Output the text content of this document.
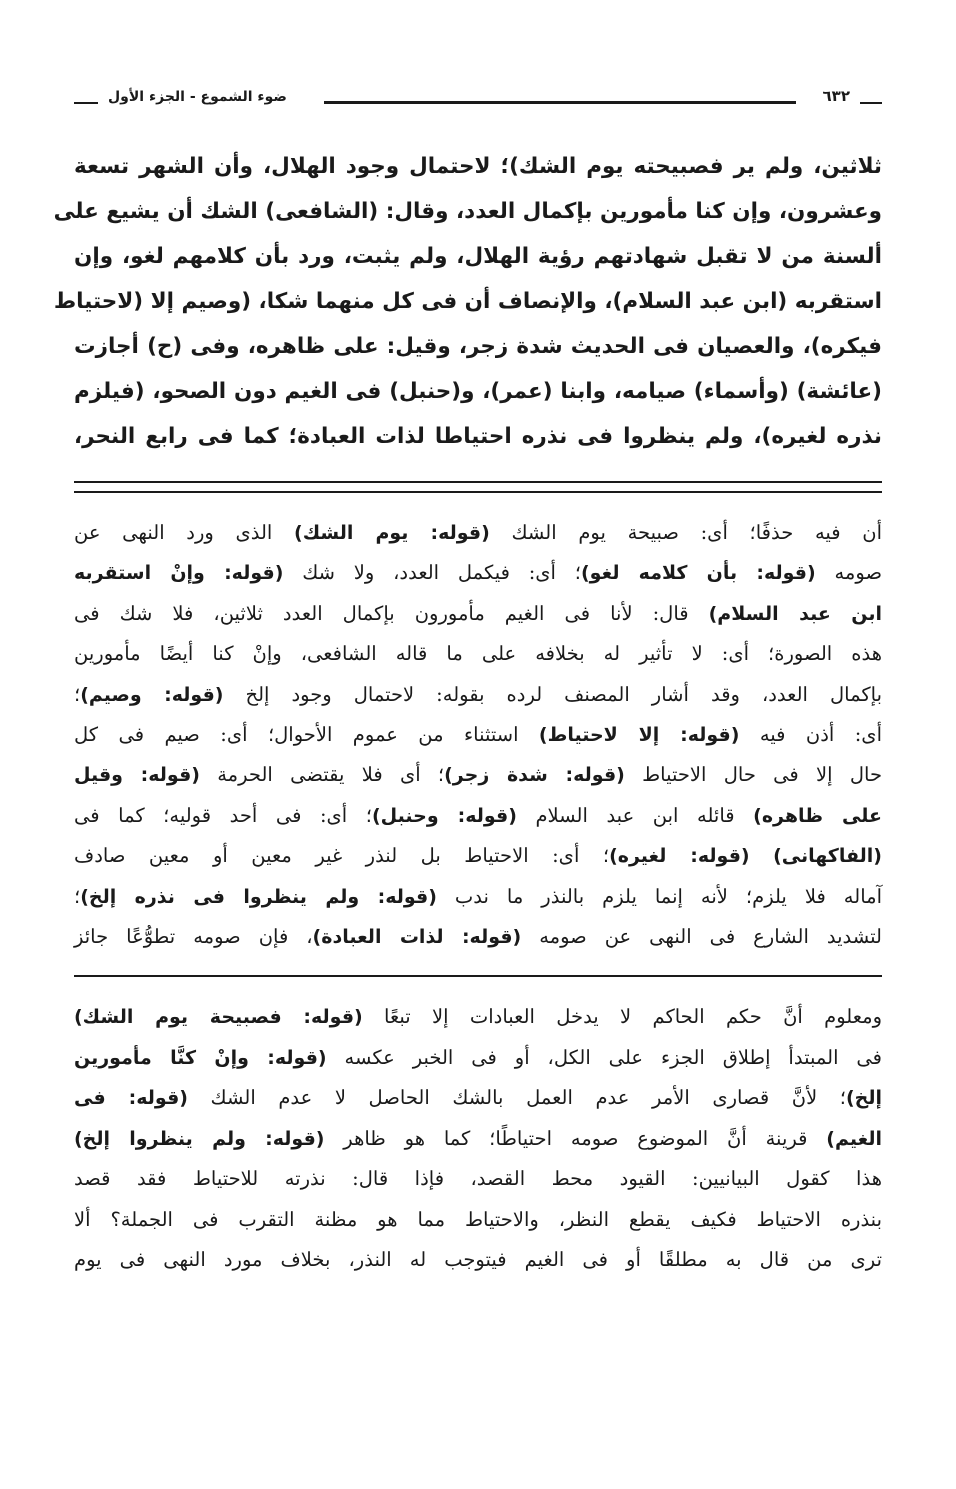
٦٣٢
ضوء الشموع - الجزء الأول

ثلاثين، ولم ير فصبيحته يوم الشك)؛ لاحتمال وجود الهلال، وأن الشهر تسعة

وعشرون، وإن كنا مأمورين بإكمال العدد، وقال: (الشافعى) الشك أن يشيع على

ألسنة من لا تقبل شهادتهم رؤية الهلال، ولم يثبت، ورد بأن كلامهم لغو، وإن

استقربه (ابن عبد السلام)، والإنصاف أن فى كل منهما شكا، (وصيم إلا (لاحتياط

فيكره)، والعصيان فى الحديث شدة زجر، وقيل: على ظاهره، وفى (ح) أجازت

(عائشة) (وأسماء) صيامه، وابنا (عمر)، و(حنبل) فى الغيم دون الصحو، (فيلزم

نذره لغيره)، ولم ينظروا فى نذره احتياطا لذات العبادة؛ كما فى رابع النحر،

أن فيه حذفًا؛ أى: صبيحة يوم الشك (قوله: يوم الشك) الذى ورد النهى عن

صومه (قوله: بأن كلامه لغو)؛ أى: فيكمل العدد، ولا شك (قوله: وإنْ استقربه

ابن عبد السلام) قال: لأنا فى الغيم مأمورون بإكمال العدد ثلاثين، فلا شك فى

هذه الصورة؛ أى: لا تأثير له بخلافه على ما قاله الشافعى، وإنْ كنا أيضًا مأمورين

بإكمال العدد، وقد أشار المصنف لرده بقوله: لاحتمال وجود إلخ (قوله: وصيم)؛

أى: أذن فيه (قوله: إلا لاحتياط) استثناء من عموم الأحوال؛ أى: صيم فى كل

حال إلا فى حال الاحتياط (قوله: شدة زجر)؛ أى فلا يقتضى الحرمة (قوله: وقيل

على ظاهره) قائله ابن عبد السلام (قوله: وحنبل)؛ أى: فى أحد قوليه؛ كما فى

(الفاكهانى) (قوله: لغيره)؛ أى: الاحتياط بل لنذر غير معين أو معين صادف

آماله فلا يلزم؛ لأنه إنما يلزم بالنذر ما ندب (قوله: ولم ينظروا فى نذره إلخ)؛

لتشديد الشارع فى النهى عن صومه (قوله: لذات العبادة)، فإن صومه تطوُّعًا جائز

ومعلوم أنَّ حكم الحاكم لا يدخل العبادات إلا تبعًا (قوله: فصبيحة يوم الشك)

فى المبتدأ إطلاق الجزء على الكل، أو فى الخبر عكسه (قوله: وإنْ كنَّا مأمورين

إلخ)؛ لأنَّ قصارى الأمر عدم العمل بالشك الحاصل لا عدم الشك (قوله: فى

الغيم) قرينة أنَّ الموضوع صومه احتياطًا؛ كما هو ظاهر (قوله: ولم ينظروا إلخ)

هذا كقول البيانيين: القيود محط القصد، فإذا قال: نذرته للاحتياط فقد قصد

بنذره الاحتياط فكيف يقطع النظر، والاحتياط مما هو مظنة التقرب فى الجملة؟ ألا

ترى من قال به مطلقًا أو فى الغيم فيتوجب له النذر، بخلاف مورد النهى فى يوم
